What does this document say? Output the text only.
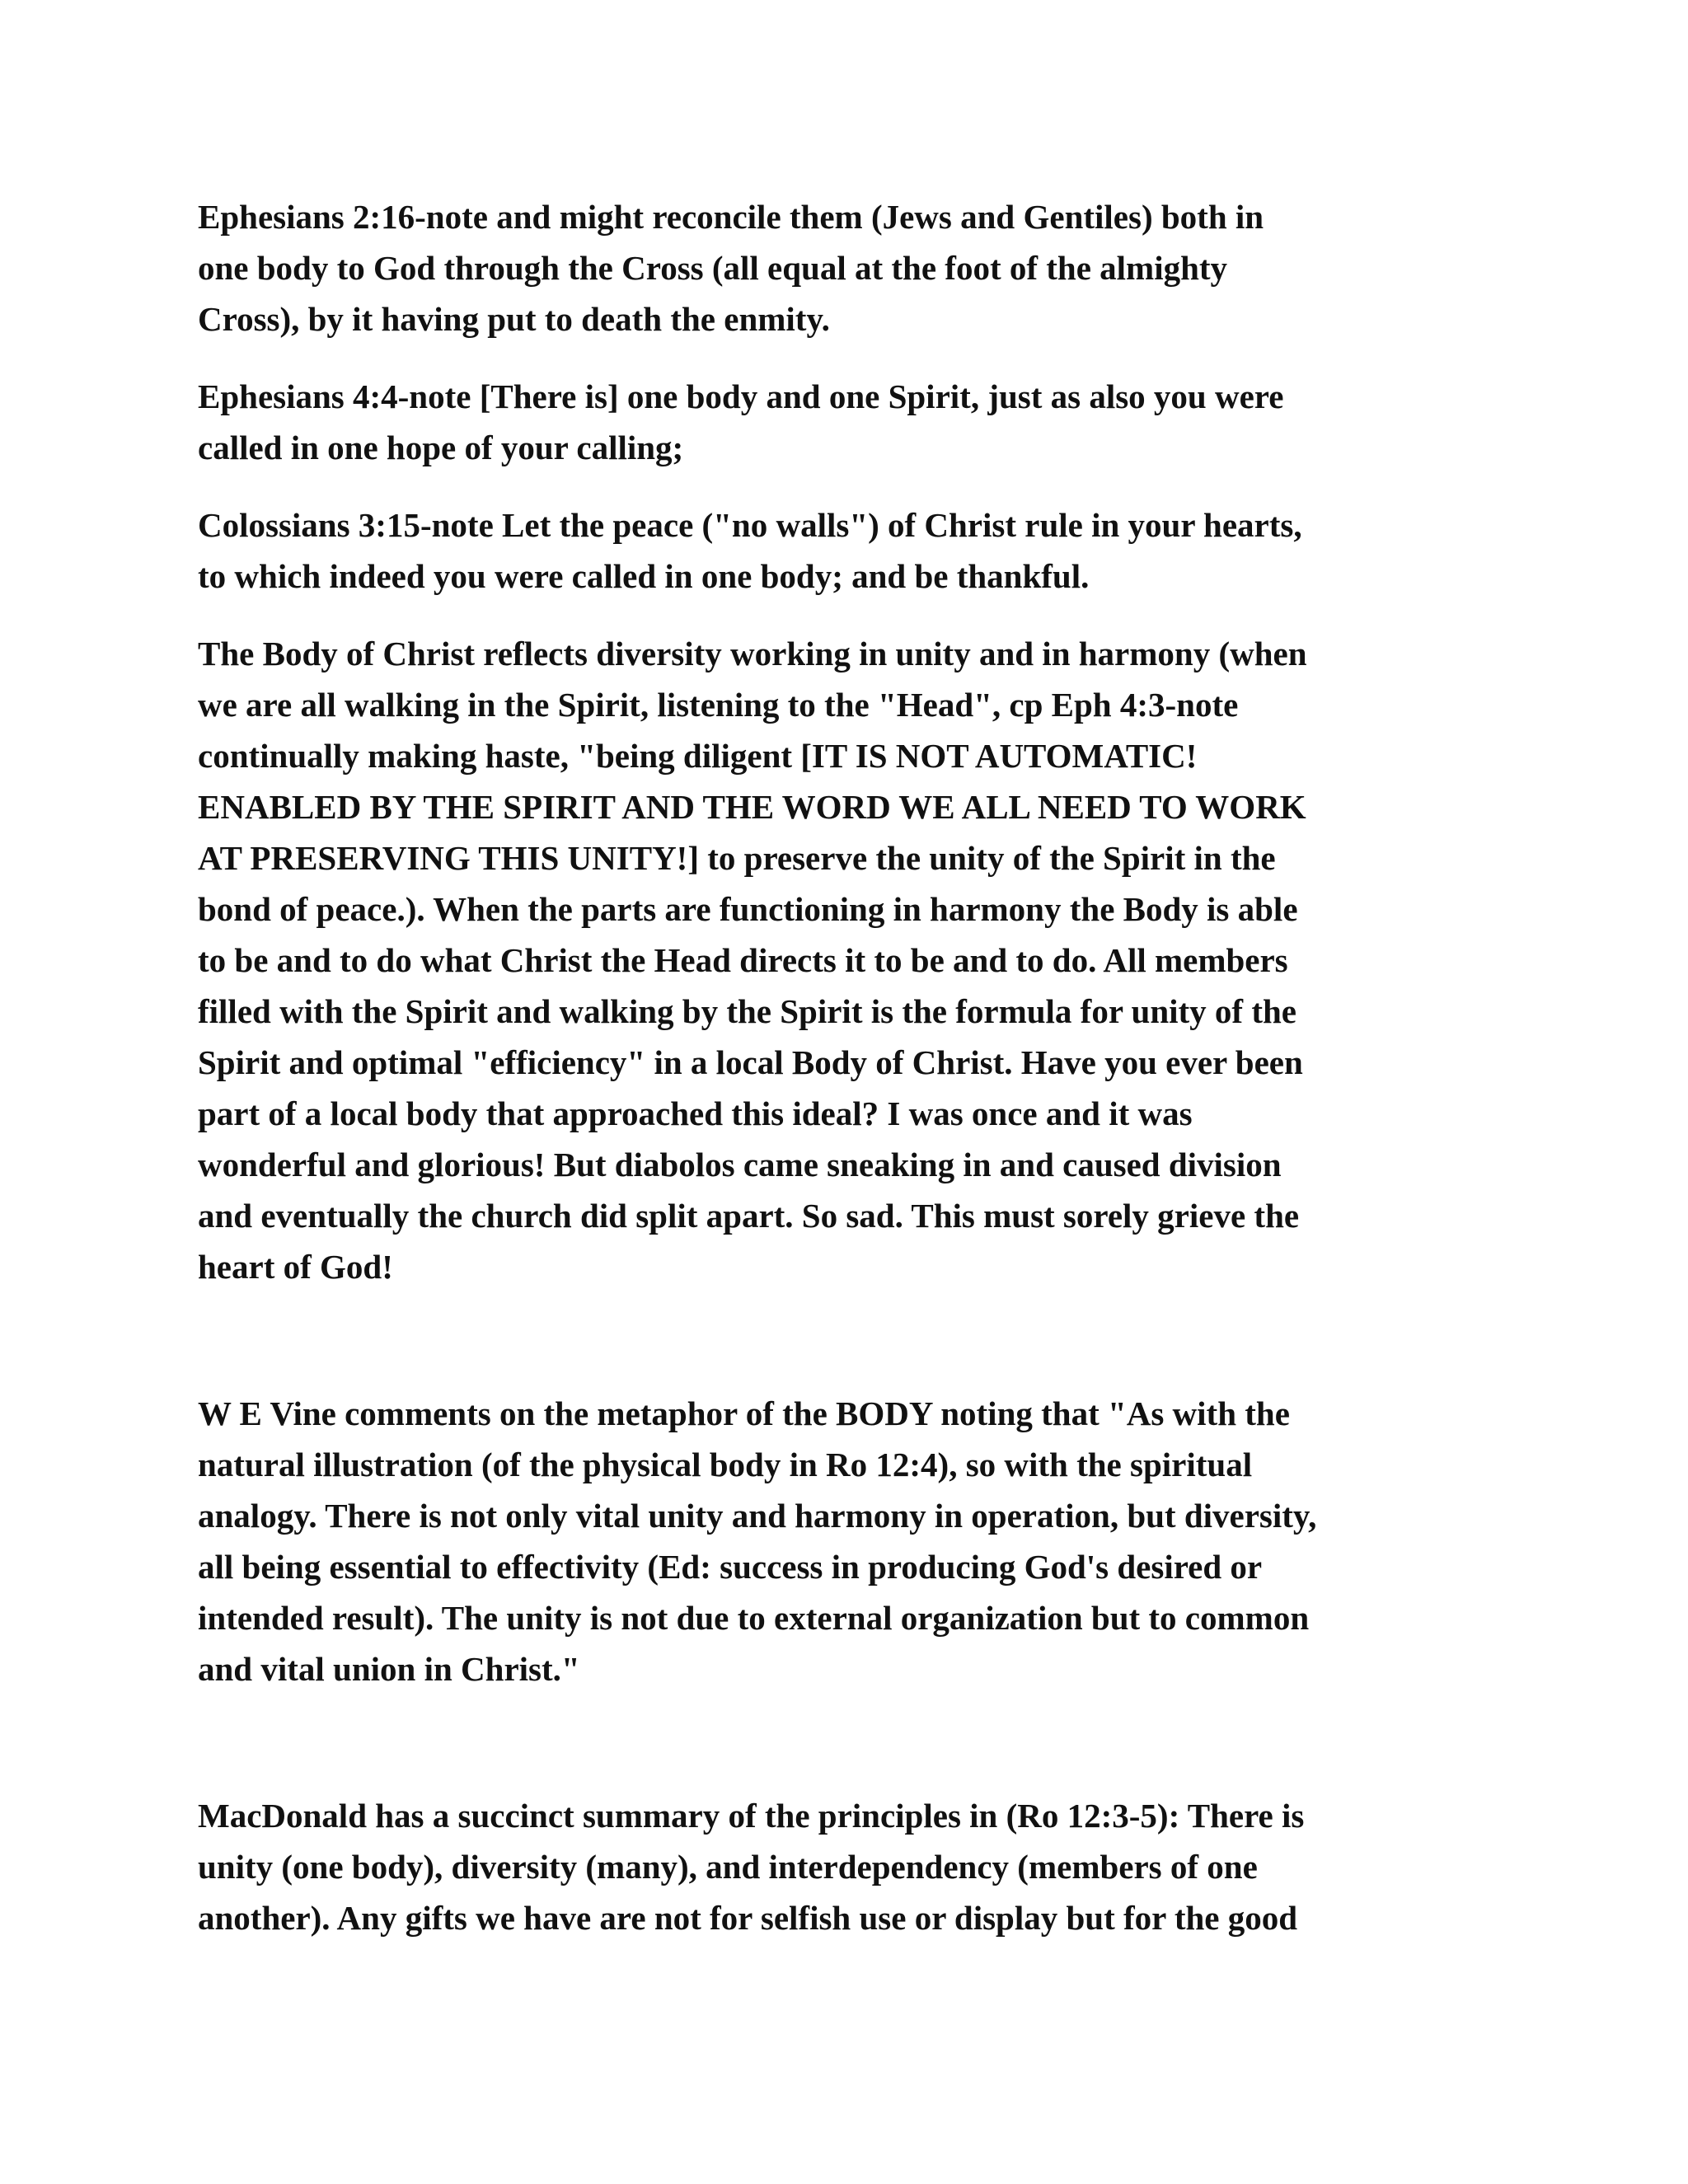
Ephesians 2:16-note and might reconcile them (Jews and Gentiles) both in
one body to God through the Cross (all equal at the foot of the almighty
Cross), by it having put to death the enmity.
Ephesians 4:4-note [There is] one body and one Spirit, just as also you were
called in one hope of your calling;
Colossians 3:15-note Let the peace ("no walls") of Christ rule in your hearts,
to which indeed you were called in one body; and be thankful.
The Body of Christ reflects diversity working in unity and in harmony (when
we are all walking in the Spirit, listening to the "Head", cp Eph 4:3-note
continually making haste, "being diligent [IT IS NOT AUTOMATIC!
ENABLED BY THE SPIRIT AND THE WORD WE ALL NEED TO WORK
AT PRESERVING THIS UNITY!] to preserve the unity of the Spirit in the
bond of peace.). When the parts are functioning in harmony the Body is able
to be and to do what Christ the Head directs it to be and to do. All members
filled with the Spirit and walking by the Spirit is the formula for unity of the
Spirit and optimal "efficiency" in a local Body of Christ. Have you ever been
part of a local body that approached this ideal? I was once and it was
wonderful and glorious! But diabolos came sneaking in and caused division
and eventually the church did split apart. So sad. This must sorely grieve the
heart of God!
W E Vine comments on the metaphor of the BODY noting that "As with the
natural illustration (of the physical body in Ro 12:4), so with the spiritual
analogy. There is not only vital unity and harmony in operation, but diversity,
all being essential to effectivity (Ed: success in producing God's desired or
intended result). The unity is not due to external organization but to common
and vital union in Christ."
MacDonald has a succinct summary of the principles in (Ro 12:3-5): There is
unity (one body), diversity (many), and interdependency (members of one
another). Any gifts we have are not for selfish use or display but for the good
